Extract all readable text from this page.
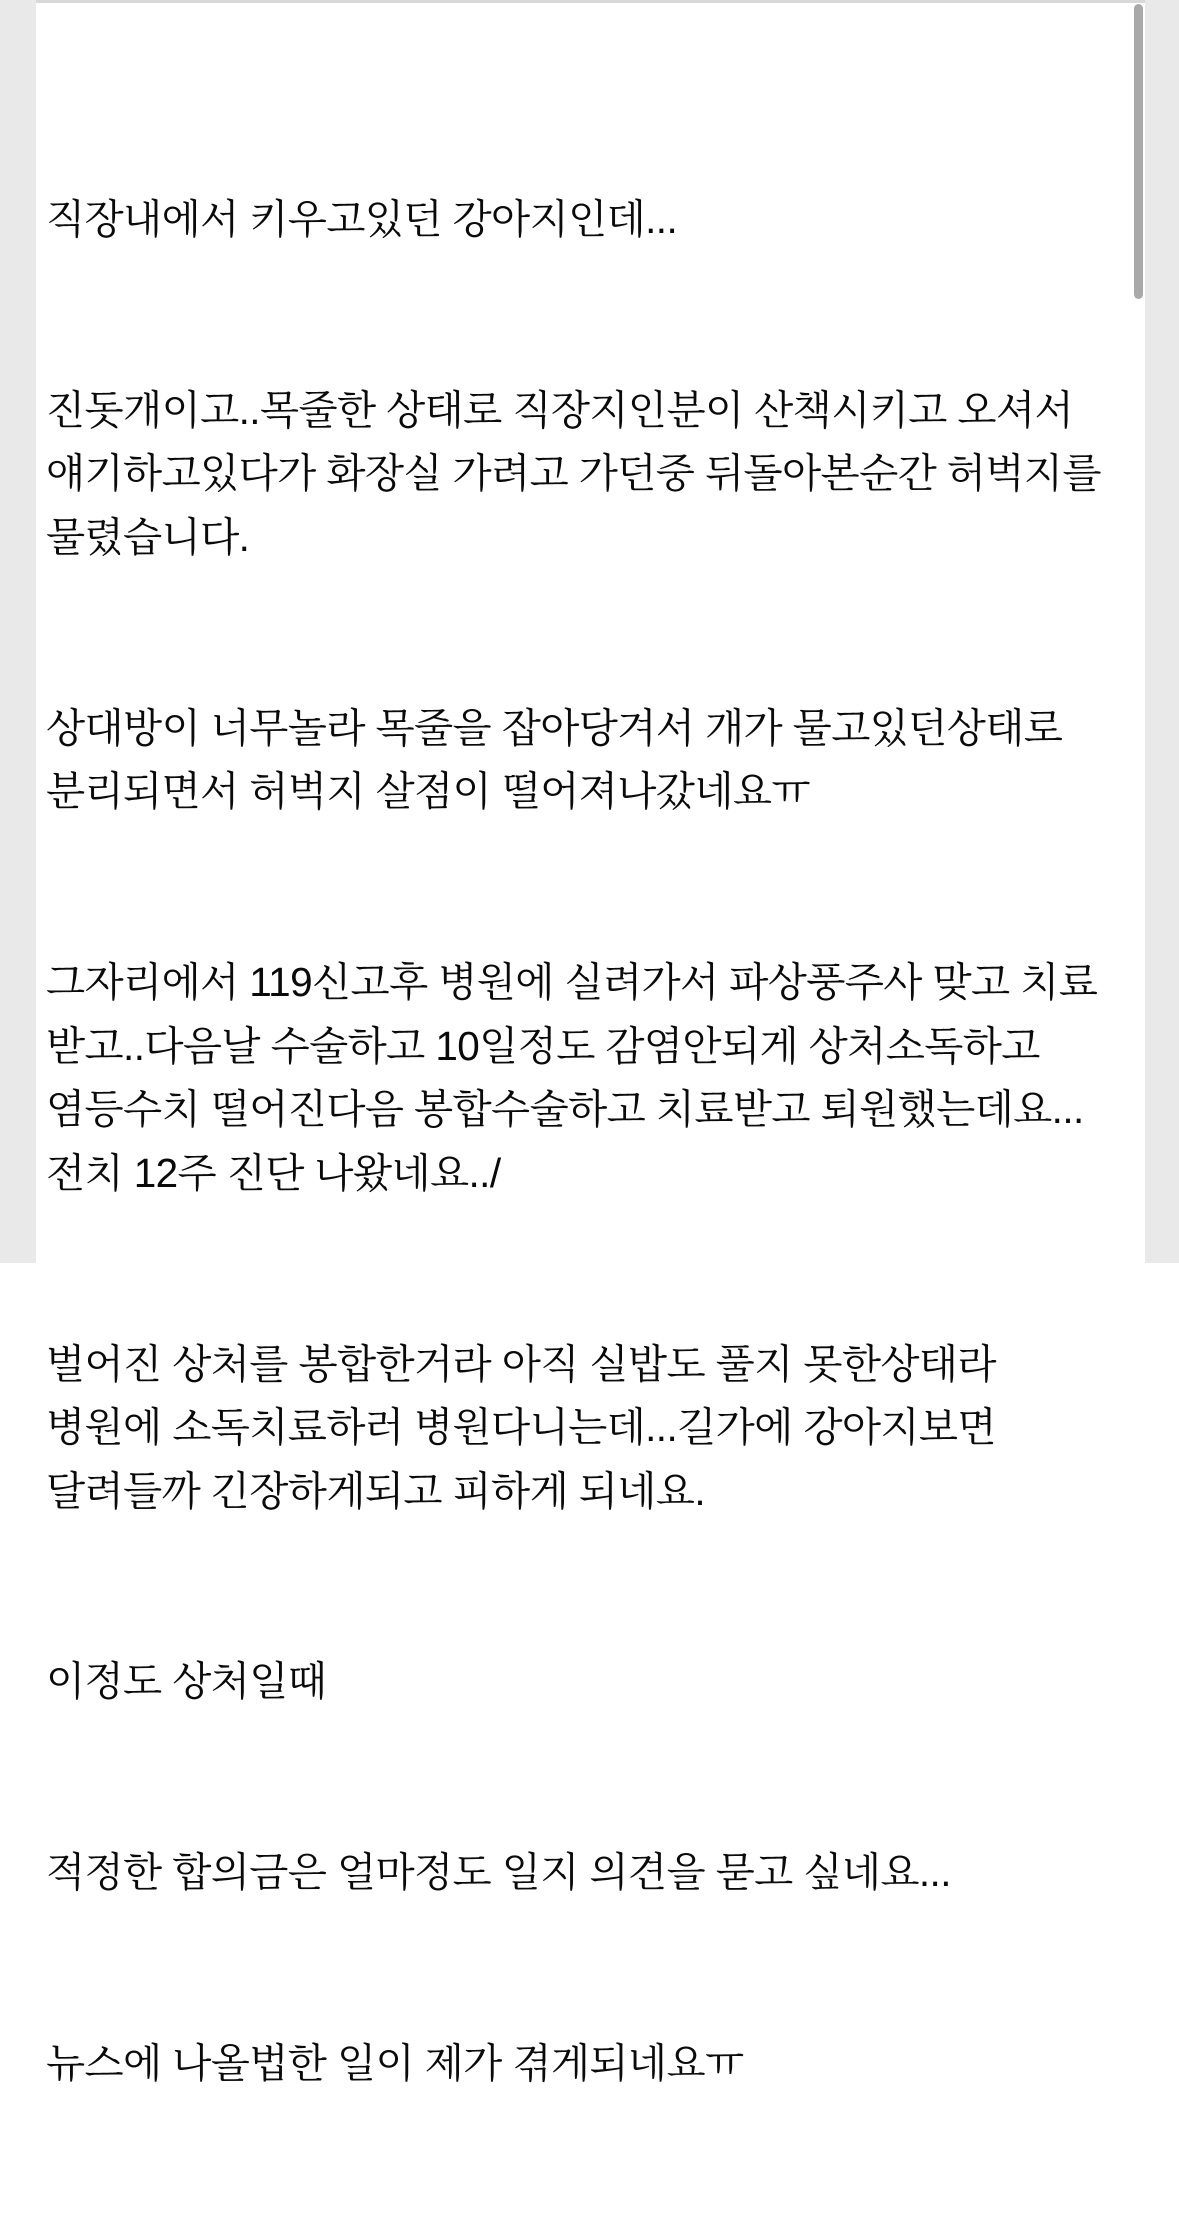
직장내에서 키우고있던 강아지인데...

진돗개이고..목줄한 상태로 직장지인분이 산책시키고 오셔서 얘기하고있다가 화장실 가려고 가던중 뒤돌아본순간 허벅지를 물렸습니다.

상대방이 너무놀라 목줄을 잡아당겨서 개가 물고있던상태로 분리되면서 허벅지 살점이 떨어져나갔네요ㅠ

그자리에서 119신고후 병원에 실려가서 파상풍주사 맞고 치료 받고..다음날 수술하고 10일정도 감염안되게 상처소독하고 염등수치 떨어진다음 봉합수술하고 치료받고 퇴원했는데요...전치 12주 진단 나왔네요../

벌어진 상처를 봉합한거라 아직 실밥도 풀지 못한상태라 병원에 소독치료하러 병원다니는데...길가에 강아지보면 달려들까 긴장하게되고 피하게 되네요.

이정도 상처일때

적정한 합의금은 얼마정도 일지 의견을 묻고 싶네요...

뉴스에 나올법한 일이 제가 겪게되네요ㅠ
